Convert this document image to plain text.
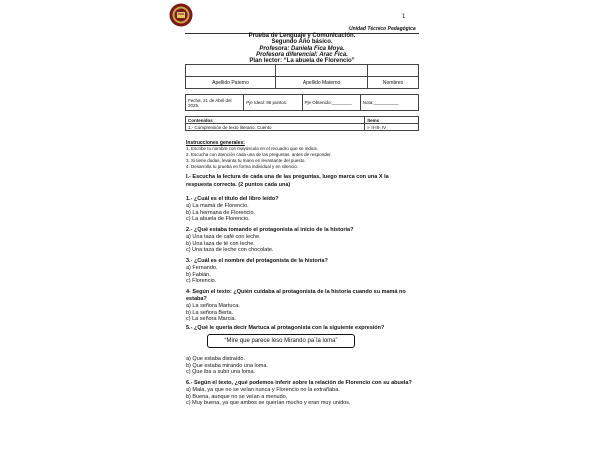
1
Unidad Técnico Pedagógica
Prueba de Lenguaje y Comunicación.
Segundo Año básico.
Profesora: Daniela Fica Moya.
Profesora diferencial: Arac Fica.
Plan lector: “La abuela de Florencio”

Apellido Paterno	Apellido Materno	Nombres
Fecha: 21 de Abril del 2025.	Pje Ideal: 96 puntos.	Pje Obtenido:________	Nota:__________
Contenidos	Ítems
1.- Comprensión de texto literario: Cuento	I- II-III- IV
Instrucciones generales:
1. Escribe tu nombre con mayúscula en el recuadro que se indica.
2. Escucha con atención cada una de las preguntas, antes de responder.
3. Si tiene dudas, levanta tu mano en levantante del puesto.
4. Desarrolla tu prueba en forma individual y en silencio.
I.- Escucha la lectura de cada una de las preguntas, luego marca con una X la respuesta correcta. (2 puntos cada una)
1.- ¿Cuál es el título del libro leído?
a) La mamá de Florencio.
b) La hermana de Florencio.
c) La abuela de Florencio.
2.- ¿Qué estaba tomando el protagonista al inicio de la historia?
a) Una taza de café con leche.
b) Una taza de té con leche.
c) Una taza de leche con chocolate.
3.- ¿Cuál es el nombre del protagonista de la historia?
a) Fernando.
b) Fabián,
c) Florencio.
4- Según el texto: ¿Quién cuidaba al protagonista de la historia cuando su mamá no estaba?
a) La señora Martuca.
b) La señora Berta.
c) La señora Marcia.
5.- ¿Qué le quería decir Martuca al protagonista con la siguiente expresión?
“Mire que parece leso Mirando pa´la loma”
a) Que estaba distraído.
b) Que estaba mirando una loma.
c) Que iba a subir una loma.
6.- Según el texto, ¿qué podemos inferir sobre la relación de Florencio con su abuela?
a) Mala, ya que no se veían nunca y Florencio no la extrañaba.
b) Buena, aunque no se veían a menudo.
c) Muy buena, ya que ambos se querían mucho y eran muy unidos.
